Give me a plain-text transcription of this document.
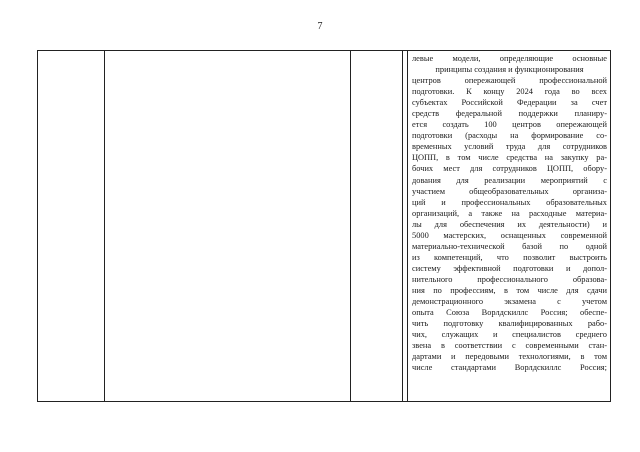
7

левые модели, определяющие основные
принципы создания и функционирования
центров опережающей профессиональной
подготовки. К концу 2024 года во всех
субъектах Российской Федерации за счет
средств федеральной поддержки планиру-
ется создать 100 центров опережающей
подготовки (расходы на формирование со-
временных условий труда для сотрудников
ЦОПП, в том числе средства на закупку ра-
бочих мест для сотрудников ЦОПП, обору-
дования для реализации мероприятий с
участием общеобразовательных организа-
ций и профессиональных образовательных
организаций, а также на расходные материа-
лы для обеспечения их деятельности) и
5000 мастерских, оснащенных современной
материально-технической базой по одной
из компетенций, что позволит выстроить
систему эффективной подготовки и допол-
нительного профессионального образова-
ния по профессиям, в том числе для сдачи
демонстрационного экзамена с учетом
опыта Союза Ворлдскиллс Россия; обеспе-
чить подготовку квалифицированных рабо-
чих, служащих и специалистов среднего
звена в соответствии с современными стан-
дартами и передовыми технологиями, в том
числе стандартами Ворлдскиллс Россия;
